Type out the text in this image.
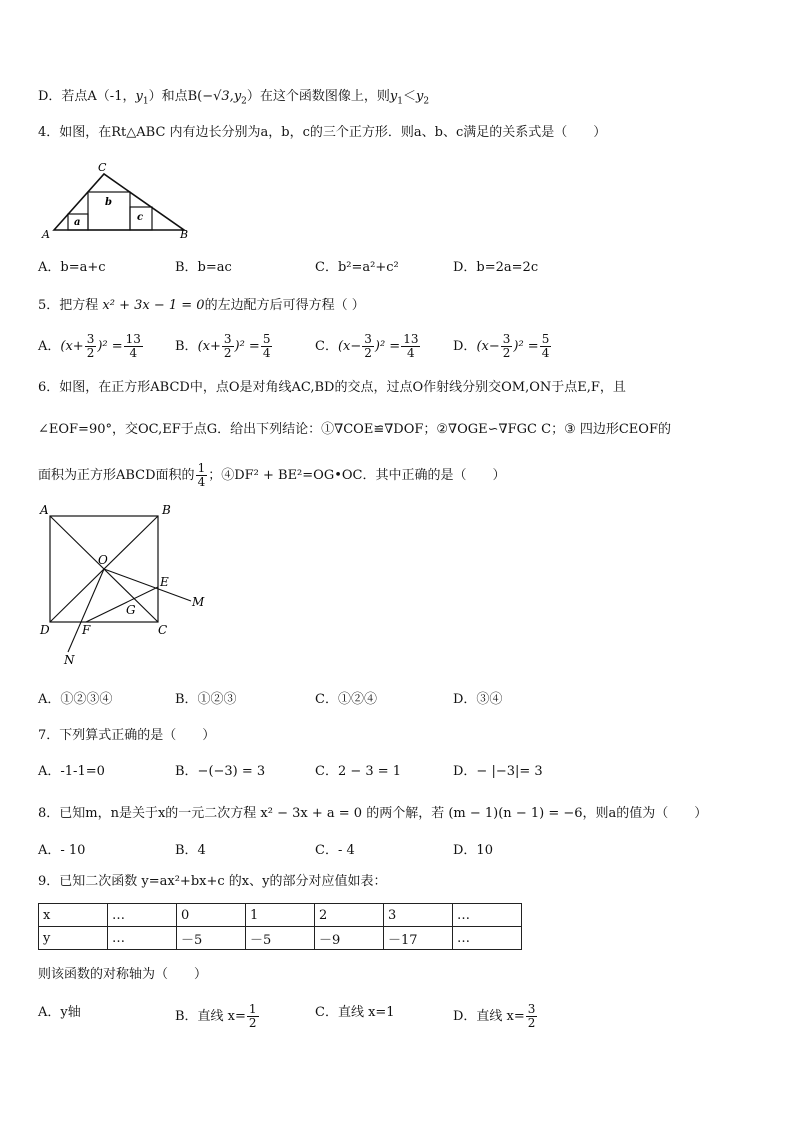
D．若点A（-1，$y_1$）和点$B(-√3,y_2)$在这个函数图像上，则$y_1<y_2$
4．如图，在Rt△ABC 内有边长分别为a，b，c的三个正方形．则a、b、c满足的关系式是（　　）
C
A	B
b
a	c
A．b=a+c	B．b=ac	C．b²=a²+c²	D．b=2a=2c
5．把方程 x² + 3x − 1 = 0的左边配方后可得方程（ ）
A．$(x+ \frac{3}{2} )^2 = \frac{13}{4}$ B．$(x+ \frac{3}{2} )^2 = \frac{5}{4}$	C．$(x- \frac{3}{2} )^2 = \frac{13}{4}$	D．$(x- \frac{3}{2} )^2 = \frac{5}{4}$
6．如图，在正方形ABCD中，点O是对角线AC,BD的交点，过点O作射线分别交OM,ON于点E,F，且
∠EOF=90°，交OC,EF于点G．给出下列结论：①∇COE≌∇DOF；②∇OGE∽∇FGC C；③ 四边形CEOF的
面积为正方形ABCD面积的 $\frac{1}{4}$ ；④DF² + BE²=OG•OC．其中正确的是（　　）
A	B
D	C
O
E
F
G
M
N
A．①②③④	B．①②③	C．①②④	D．③④
7．下列算式正确的是（　　）
A．-1-1=0	B．−(−3) = 3	C．2 − 3 = 1	D．− |−3|= 3
8．已知m，n是关于x的一元二次方程 x² − 3x + a = 0 的两个解，若 (m − 1)(n − 1) = −6，则a的值为（　　）
A．- 10	B．4	C．- 4	D．10
9．已知二次函数 y=ax²+bx+c 的x、y的部分对应值如表：
x	…	0	1	2	3	…
y	…	－5	－5	－9	－17	…
则该函数的对称轴为（　　）
A．y轴	B．直线 $x= \frac{1}{2}$	C．直线 x=1	D．直线 $x= \frac{3}{2}$
